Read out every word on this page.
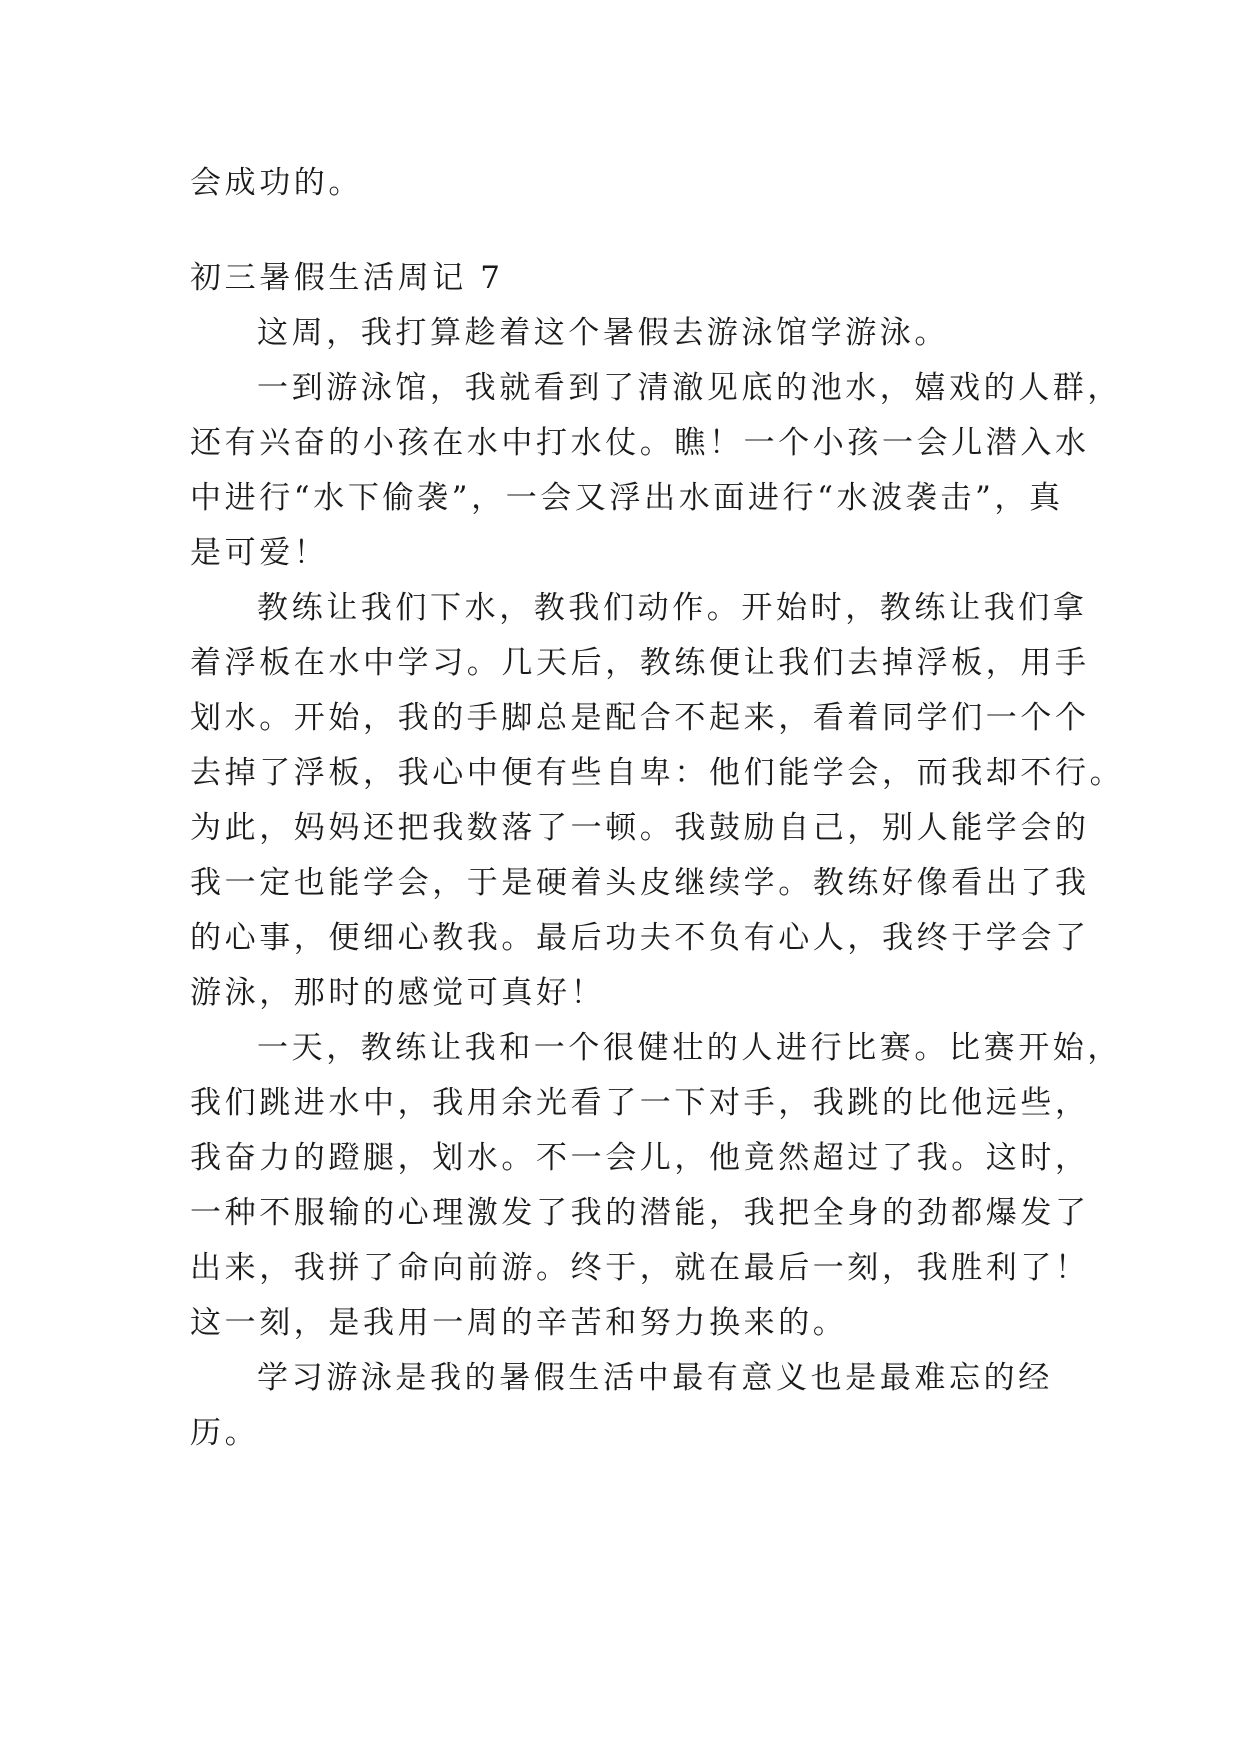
会成功的。
初三暑假生活周记 7
这周，我打算趁着这个暑假去游泳馆学游泳。
一到游泳馆，我就看到了清澈见底的池水，嬉戏的人群，
还有兴奋的小孩在水中打水仗。瞧！一个小孩一会儿潜入水
中进行“水下偷袭”，一会又浮出水面进行“水波袭击”，真
是可爱！
教练让我们下水，教我们动作。开始时，教练让我们拿
着浮板在水中学习。几天后，教练便让我们去掉浮板，用手
划水。开始，我的手脚总是配合不起来，看着同学们一个个
去掉了浮板，我心中便有些自卑：他们能学会，而我却不行。
为此，妈妈还把我数落了一顿。我鼓励自己，别人能学会的
我一定也能学会，于是硬着头皮继续学。教练好像看出了我
的心事，便细心教我。最后功夫不负有心人，我终于学会了
游泳，那时的感觉可真好！
一天，教练让我和一个很健壮的人进行比赛。比赛开始，
我们跳进水中，我用余光看了一下对手，我跳的比他远些，
我奋力的蹬腿，划水。不一会儿，他竟然超过了我。这时，
一种不服输的心理激发了我的潜能，我把全身的劲都爆发了
出来，我拼了命向前游。终于，就在最后一刻，我胜利了！
这一刻，是我用一周的辛苦和努力换来的。
学习游泳是我的暑假生活中最有意义也是最难忘的经
历。
